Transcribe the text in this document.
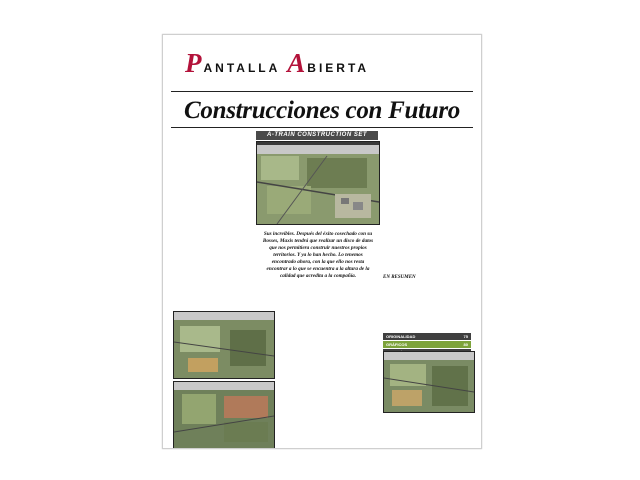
PANTALLA ABIERTA
Construcciones con Futuro
EN RESUMEN
A-TRAIN CONSTRUCTION SET
Sus increíbles. Después del éxito cosechado con su Bosses, Maxis tendrá que realizar un disco de datos que nos permitiera construir nuestros propios territorios. Y ya lo han hecho. Lo tenemos encontrado ahora, con la que ello nos resta encontrar a lo que se encuentra a la altura de la calidad que acredita a la compañía.
ORIGINALIDAD	75
GRÁFICOS	80
